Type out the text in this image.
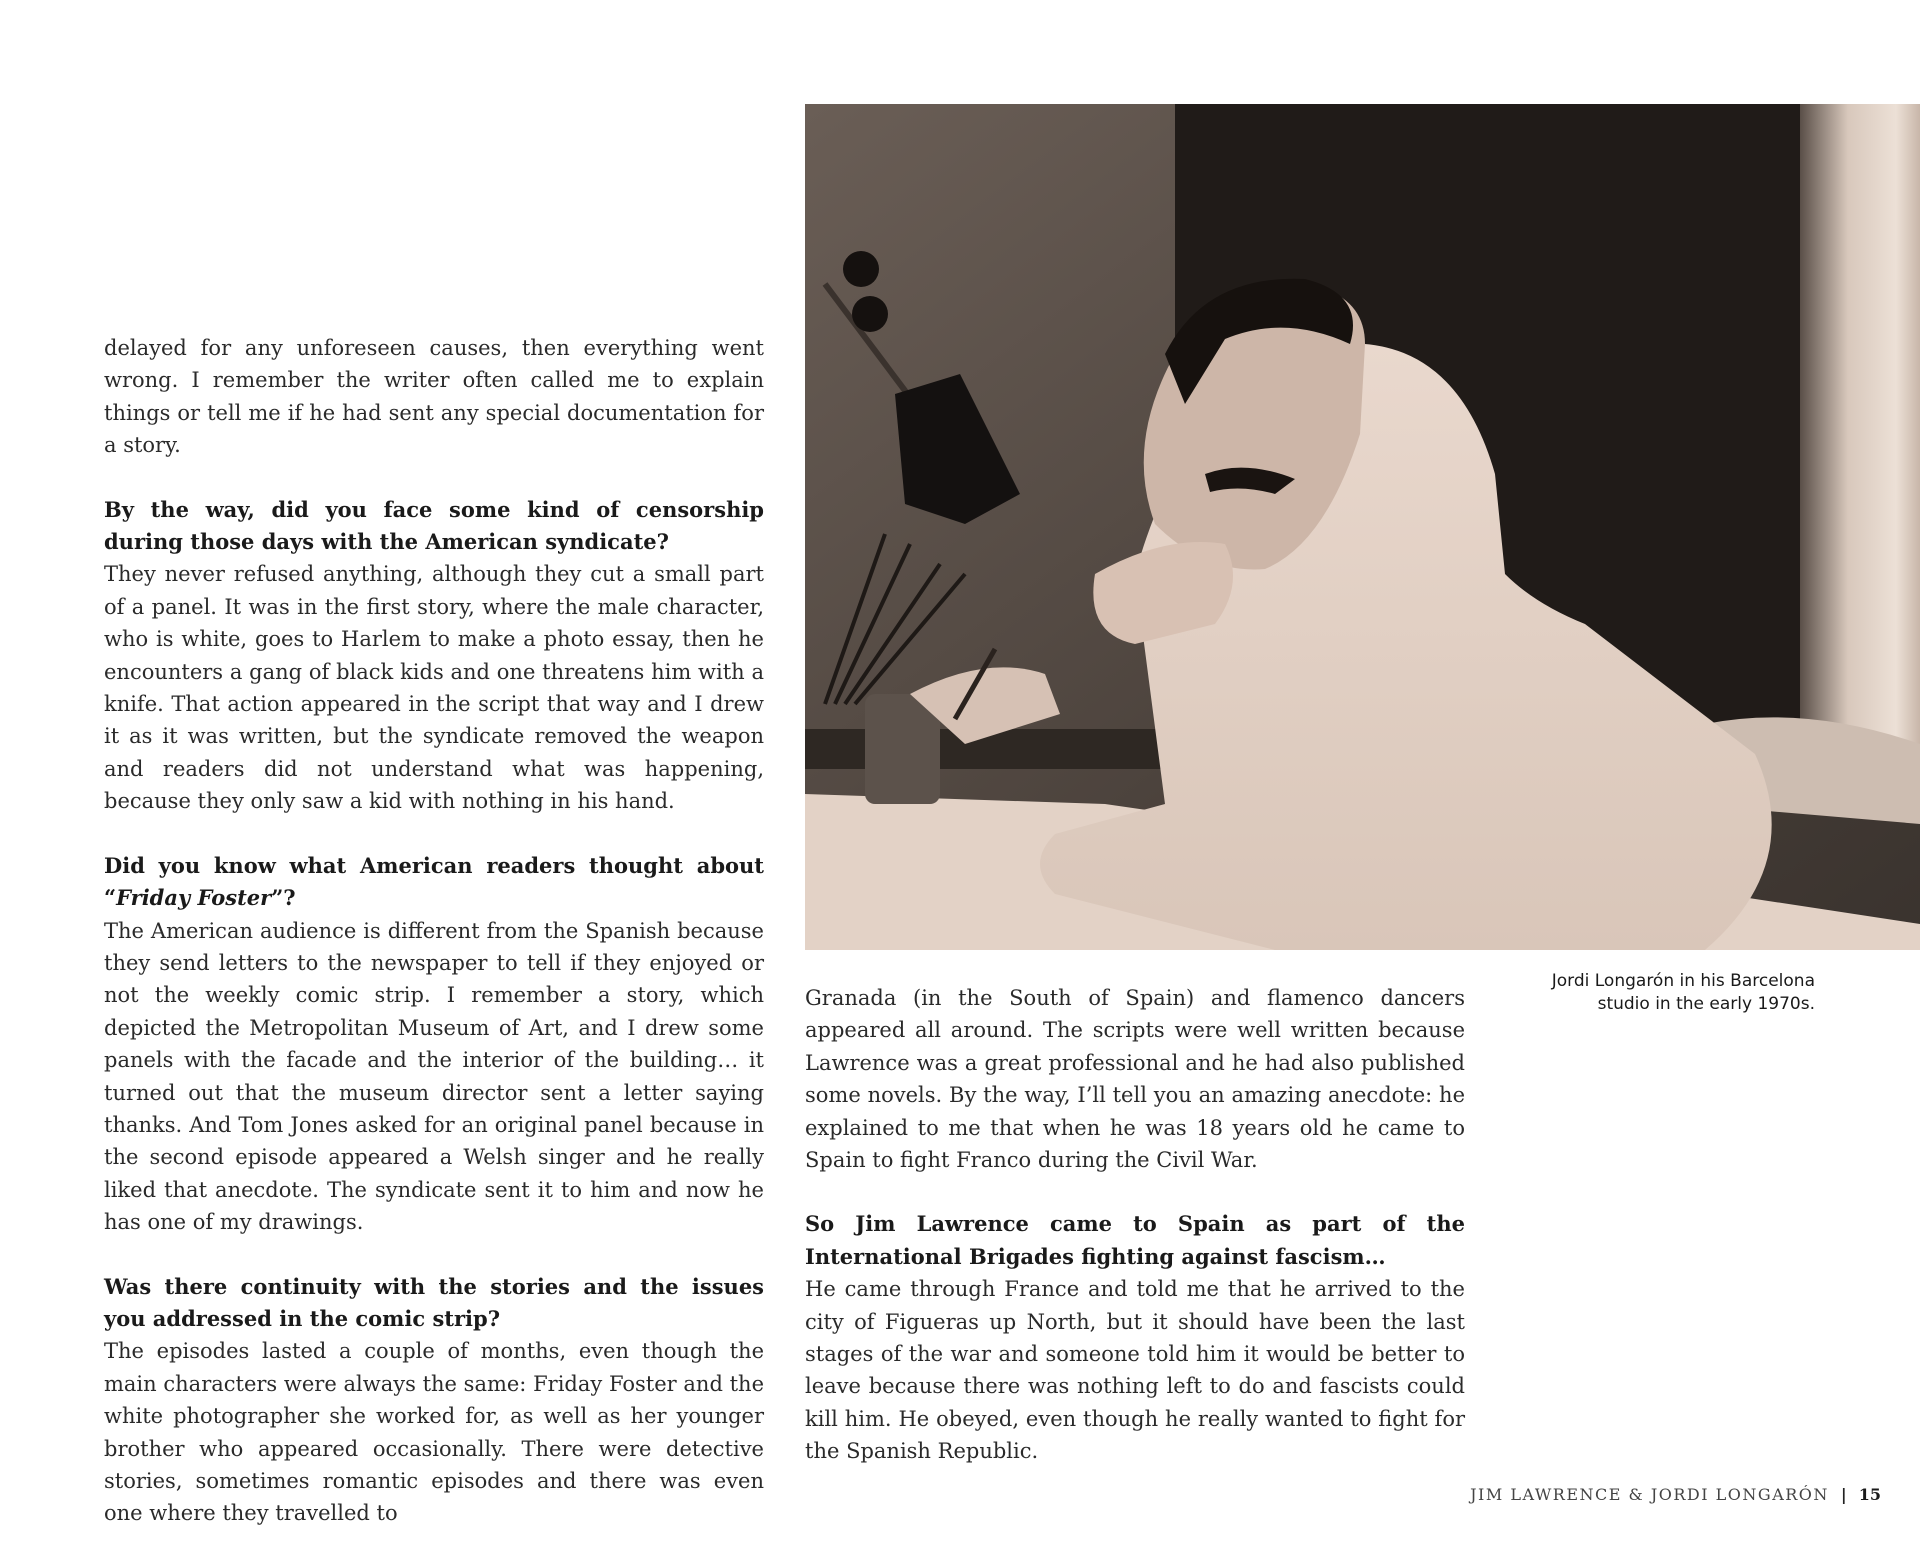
delayed for any unforeseen causes, then everything went wrong. I remember the writer often called me to explain things or tell me if he had sent any special documentation for a story.

By the way, did you face some kind of censorship during those days with the American syndicate?

They never refused anything, although they cut a small part of a panel. It was in the first story, where the male character, who is white, goes to Harlem to make a photo essay, then he encounters a gang of black kids and one threatens him with a knife. That action appeared in the script that way and I drew it as it was written, but the syndicate removed the weapon and readers did not understand what was happening, because they only saw a kid with nothing in his hand.

Did you know what American readers thought about “Friday Foster”?

The American audience is different from the Spanish because they send letters to the newspaper to tell if they enjoyed or not the weekly comic strip. I remember a story, which depicted the Metropolitan Museum of Art, and I drew some panels with the facade and the interior of the building… it turned out that the museum director sent a letter saying thanks. And Tom Jones asked for an original panel because in the second episode appeared a Welsh singer and he really liked that anecdote. The syndicate sent it to him and now he has one of my drawings.

Was there continuity with the stories and the issues you addressed in the comic strip?

The episodes lasted a couple of months, even though the main characters were always the same: Friday Foster and the white photographer she worked for, as well as her younger brother who appeared occasionally. There were detective stories, sometimes romantic episodes and there was even one where they travelled to

Jordi Longarón in his Barcelona
studio in the early 1970s.

Granada (in the South of Spain) and flamenco dancers appeared all around. The scripts were well written because Lawrence was a great professional and he had also published some novels. By the way, I’ll tell you an amazing anecdote: he explained to me that when he was 18 years old he came to Spain to fight Franco during the Civil War.

So Jim Lawrence came to Spain as part of the International Brigades fighting against fascism…

He came through France and told me that he arrived to the city of Figueras up North, but it should have been the last stages of the war and someone told him it would be better to leave because there was nothing left to do and fascists could kill him. He obeyed, even though he really wanted to fight for the Spanish Republic.

JIM LAWRENCE & JORDI LONGARÓN | 15
